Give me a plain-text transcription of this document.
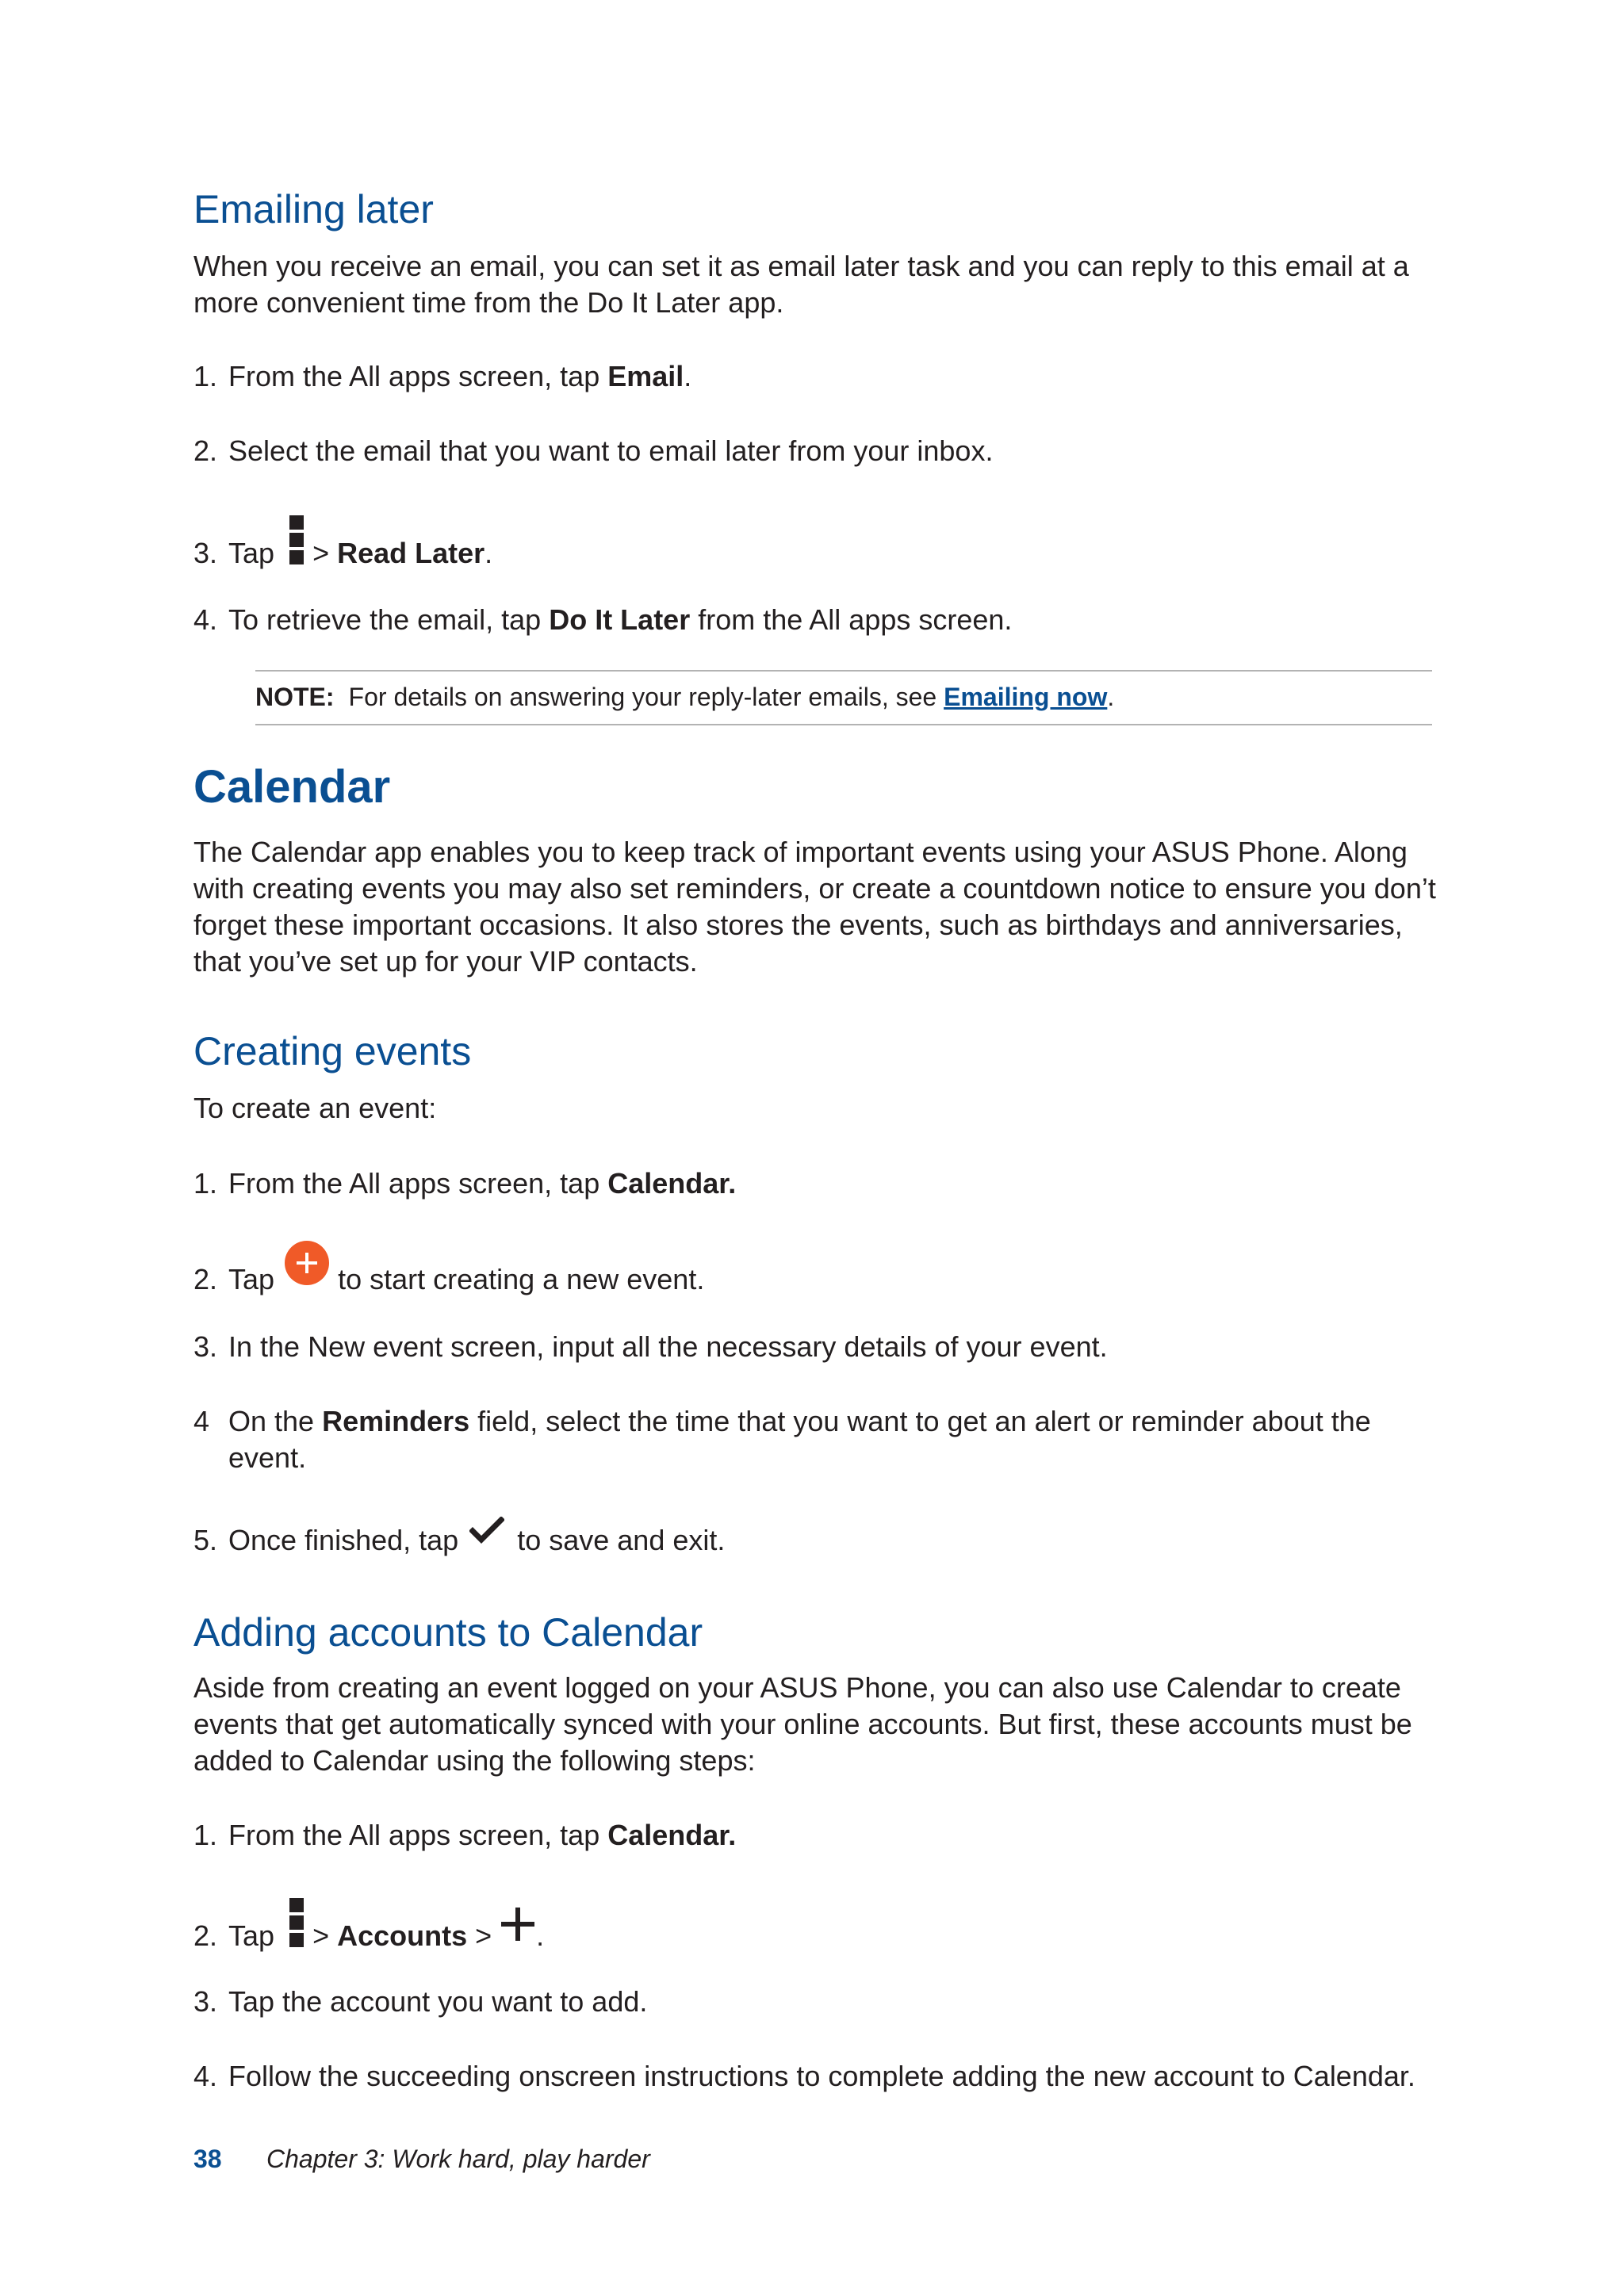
Emailing later
When you receive an email, you can set it as email later task and you can reply to this email at a
more convenient time from the Do It Later app.
1. From the All apps screen, tap Email.
2. Select the email that you want to email later from your inbox.
3. Tap  > Read Later.
4. To retrieve the email, tap Do It Later from the All apps screen.
NOTE: For details on answering your reply-later emails, see Emailing now.
Calendar
The Calendar app enables you to keep track of important events using your ASUS Phone. Along
with creating events you may also set reminders, or create a countdown notice to ensure you don’t
forget these important occasions. It also stores the events, such as birthdays and anniversaries,
that you’ve set up for your VIP contacts.
Creating events
To create an event:
1. From the All apps screen, tap Calendar.
2. Tap  to start creating a new event.
3. In the New event screen, input all the necessary details of your event.
4 On the Reminders field, select the time that you want to get an alert or reminder about the
event.
5. Once finished, tap  to save and exit.
Adding accounts to Calendar
Aside from creating an event logged on your ASUS Phone, you can also use Calendar to create
events that get automatically synced with your online accounts. But first, these accounts must be
added to Calendar using the following steps:
1. From the All apps screen, tap Calendar.
2. Tap  > Accounts > .
3. Tap the account you want to add.
4. Follow the succeeding onscreen instructions to complete adding the new account to Calendar.
38 Chapter 3: Work hard, play harder
